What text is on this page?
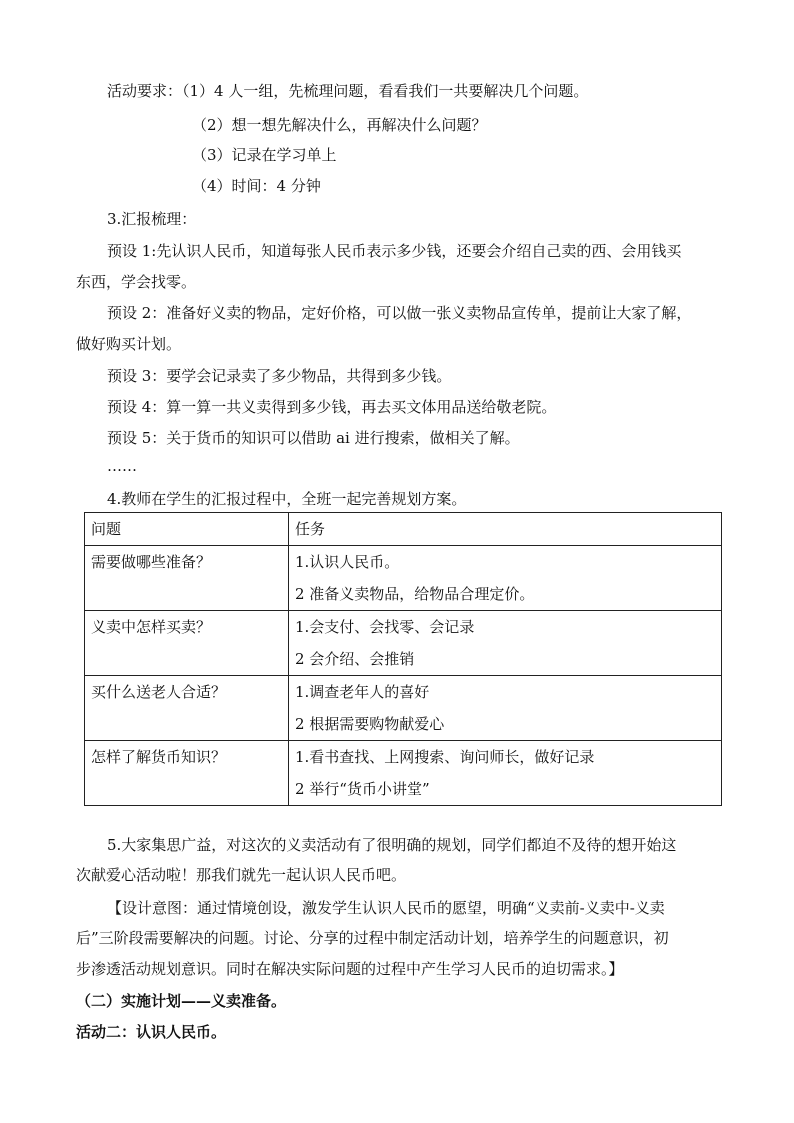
活动要求：（1）4 人一组，先梳理问题，看看我们一共要解决几个问题。
（2）想一想先解决什么，再解决什么问题？
（3）记录在学习单上
（4）时间：4 分钟
3.汇报梳理：
预设 1:先认识人民币，知道每张人民币表示多少钱，还要会介绍自己卖的西、会用钱买
东西，学会找零。
预设 2：准备好义卖的物品，定好价格，可以做一张义卖物品宣传单，提前让大家了解，
做好购买计划。
预设 3：要学会记录卖了多少物品，共得到多少钱。
预设 4：算一算一共义卖得到多少钱，再去买文体用品送给敬老院。
预设 5：关于货币的知识可以借助 ai 进行搜索，做相关了解。
……
4.教师在学生的汇报过程中，全班一起完善规划方案。
问题	任务
需要做哪些准备？	1.认识人民币。
2 准备义卖物品，给物品合理定价。

义卖中怎样买卖？	1.会支付、会找零、会记录
2 会介绍、会推销

买什么送老人合适？	1.调查老年人的喜好
2 根据需要购物献爱心

怎样了解货币知识？	1.看书查找、上网搜索、询问师长，做好记录
2 举行“货币小讲堂”
5.大家集思广益，对这次的义卖活动有了很明确的规划，同学们都迫不及待的想开始这
次献爱心活动啦！那我们就先一起认识人民币吧。
【设计意图：通过情境创设，激发学生认识人民币的愿望，明确“义卖前-义卖中-义卖
后”三阶段需要解决的问题。讨论、分享的过程中制定活动计划，培养学生的问题意识，初
步渗透活动规划意识。同时在解决实际问题的过程中产生学习人民币的迫切需求。】
（二）实施计划——义卖准备。
活动二：认识人民币。
